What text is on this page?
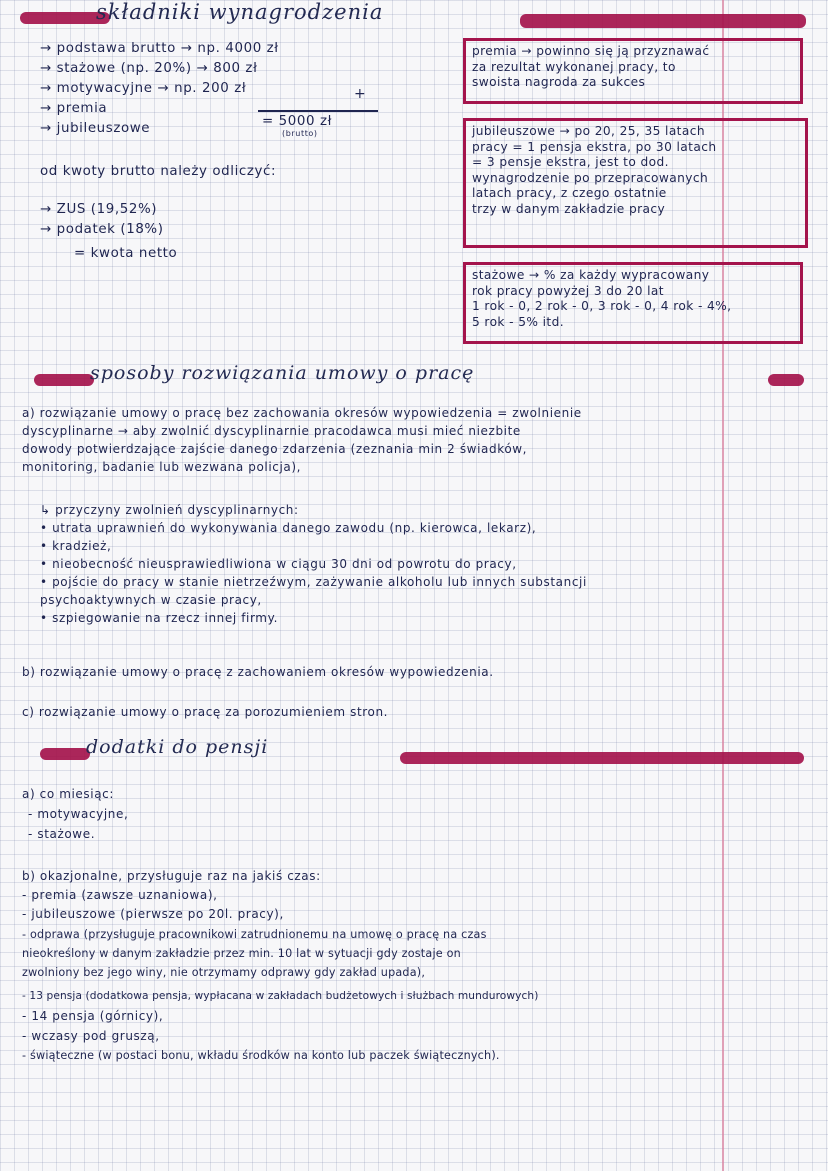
składniki wynagrodzenia
→ podstawa brutto → np. 4000 zł
→ stażowe (np. 20%) → 800 zł
→ motywacyjne → np. 200 zł
→ premia
→ jubileuszowe
+
= 5000 zł
(brutto)
od kwoty brutto należy odliczyć:
→ ZUS (19,52%)
→ podatek (18%)
= kwota netto
premia → powinno się ją przyznawać
za rezultat wykonanej pracy, to
swoista nagroda za sukces
jubileuszowe → po 20, 25, 35 latach
pracy = 1 pensja ekstra, po 30 latach
= 3 pensje ekstra, jest to dod.
wynagrodzenie po przepracowanych
latach pracy, z czego ostatnie
trzy w danym zakładzie pracy
stażowe → % za każdy wypracowany
rok pracy powyżej 3 do 20 lat
1 rok - 0, 2 rok - 0, 3 rok - 0, 4 rok - 4%,
5 rok - 5% itd.
sposoby rozwiązania umowy o pracę
a) rozwiązanie umowy o pracę bez zachowania okresów wypowiedzenia = zwolnienie
dyscyplinarne → aby zwolnić dyscyplinarnie pracodawca musi mieć niezbite
dowody potwierdzające zajście danego zdarzenia (zeznania min 2 świadków,
monitoring, badanie lub wezwana policja),
↳ przyczyny zwolnień dyscyplinarnych:
• utrata uprawnień do wykonywania danego zawodu (np. kierowca, lekarz),
• kradzież,
• nieobecność nieusprawiedliwiona w ciągu 30 dni od powrotu do pracy,
• pojście do pracy w stanie nietrzeźwym, zażywanie alkoholu lub innych substancji
psychoaktywnych w czasie pracy,
• szpiegowanie na rzecz innej firmy.
b) rozwiązanie umowy o pracę z zachowaniem okresów wypowiedzenia.
c) rozwiązanie umowy o pracę za porozumieniem stron.
dodatki do pensji
a) co miesiąc:
- motywacyjne,
- stażowe.
b) okazjonalne, przysługuje raz na jakiś czas:
- premia (zawsze uznaniowa),
- jubileuszowe (pierwsze po 20l. pracy),
- odprawa (przysługuje pracownikowi zatrudnionemu na umowę o pracę na czas
nieokreślony w danym zakładzie przez min. 10 lat w sytuacji gdy zostaje on
zwolniony bez jego winy, nie otrzymamy odprawy gdy zakład upada),
- 13 pensja (dodatkowa pensja, wypłacana w zakładach budżetowych i służbach mundurowych)
- 14 pensja (górnicy),
- wczasy pod gruszą,
- świąteczne (w postaci bonu, wkładu środków na konto lub paczek świątecznych).
